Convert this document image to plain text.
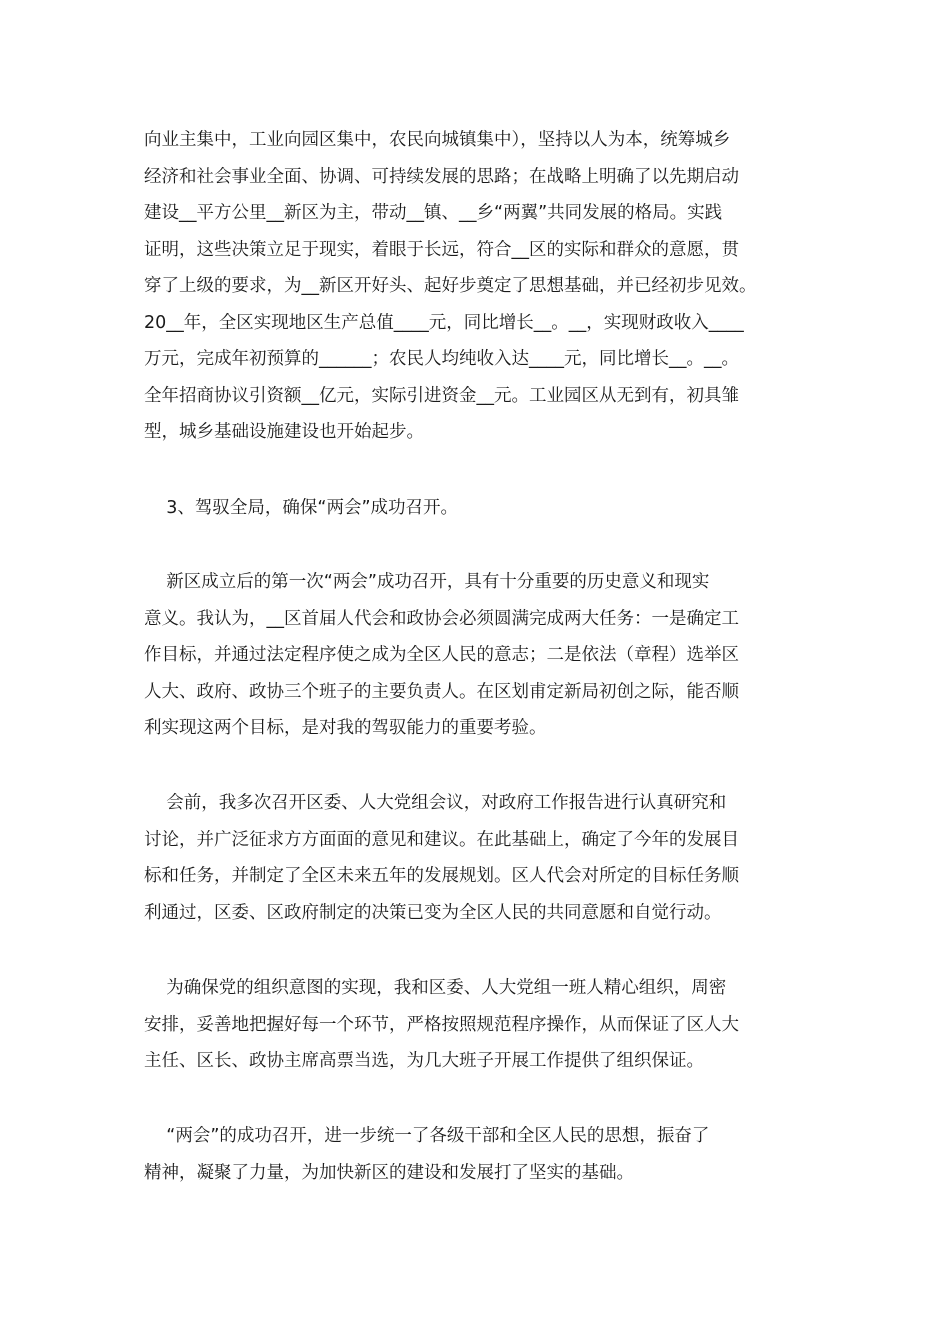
向业主集中，工业向园区集中，农民向城镇集中），坚持以人为本，统筹城乡
经济和社会事业全面、协调、可持续发展的思路；在战略上明确了以先期启动
建设__平方公里__新区为主，带动__镇、__乡“两翼”共同发展的格局。实践
证明，这些决策立足于现实，着眼于长远，符合__区的实际和群众的意愿，贯
穿了上级的要求，为__新区开好头、起好步奠定了思想基础，并已经初步见效。
20__年，全区实现地区生产总值____元，同比增长__。__，实现财政收入____
万元，完成年初预算的______；农民人均纯收入达____元，同比增长__。__。
全年招商协议引资额__亿元，实际引进资金__元。工业园区从无到有，初具雏
型，城乡基础设施建设也开始起步。
3、驾驭全局，确保“两会”成功召开。
新区成立后的第一次“两会”成功召开，具有十分重要的历史意义和现实
意义。我认为，__区首届人代会和政协会必须圆满完成两大任务：一是确定工
作目标，并通过法定程序使之成为全区人民的意志；二是依法（章程）选举区
人大、政府、政协三个班子的主要负责人。在区划甫定新局初创之际，能否顺
利实现这两个目标，是对我的驾驭能力的重要考验。
会前，我多次召开区委、人大党组会议，对政府工作报告进行认真研究和
讨论，并广泛征求方方面面的意见和建议。在此基础上，确定了今年的发展目
标和任务，并制定了全区未来五年的发展规划。区人代会对所定的目标任务顺
利通过，区委、区政府制定的决策已变为全区人民的共同意愿和自觉行动。
为确保党的组织意图的实现，我和区委、人大党组一班人精心组织，周密
安排，妥善地把握好每一个环节，严格按照规范程序操作，从而保证了区人大
主任、区长、政协主席高票当选，为几大班子开展工作提供了组织保证。
“两会”的成功召开，进一步统一了各级干部和全区人民的思想，振奋了
精神，凝聚了力量，为加快新区的建设和发展打了坚实的基础。
